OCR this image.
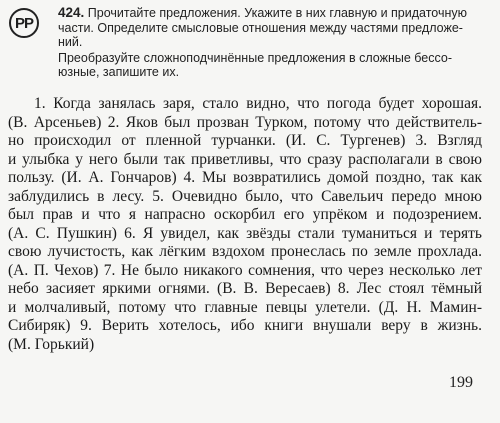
PP

424. Прочитайте предложения. Укажите в них главную и придаточную
части. Определите смысловые отношения между частями предложе-
ний.

Преобразуйте сложноподчинённые предложения в сложные бессо-
юзные, запишите их.

1. Когда занялась заря, стало видно, что погода будет хорошая.
(В. Арсеньев) 2. Яков был прозван Турком, потому что действитель-
но происходил от пленной турчанки. (И. С. Тургенев) 3. Взгляд
и улыбка у него были так приветливы, что сразу располагали в свою
пользу. (И. А. Гончаров) 4. Мы возвратились домой поздно, так как
заблудились в лесу. 5. Очевидно было, что Савельич передо мною
был прав и что я напрасно оскорбил его упрёком и подозрением.
(А. С. Пушкин) 6. Я увидел, как звёзды стали туманиться и терять
свою лучистость, как лёгким вздохом пронеслась по земле прохлада.
(А. П. Чехов) 7. Не было никакого сомнения, что через несколько лет
небо засияет яркими огнями. (В. В. Вересаев) 8. Лес стоял тёмный
и молчаливый, потому что главные певцы улетели. (Д. Н. Мамин-
Сибиряк) 9. Верить хотелось, ибо книги внушали веру в жизнь.
(М. Горький)
199
